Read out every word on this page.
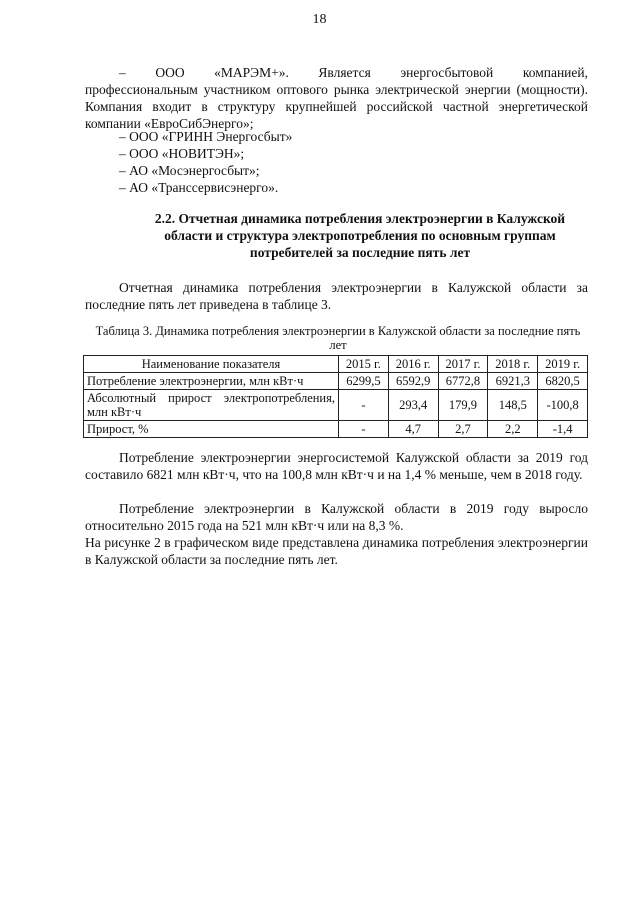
18
– ООО «МАРЭМ+». Является энергосбытовой компанией,
профессиональным участником оптового рынка электрической энергии (мощности). Компания входит в структуру крупнейшей российской частной энергетической компании «ЕвроСибЭнерго»;
– ООО «ГРИНН Энергосбыт»
– ООО «НОВИТЭН»;
– АО «Мосэнергосбыт»;
– АО «Транссервисэнерго».
2.2. Отчетная динамика потребления электроэнергии в Калужской области и структура электропотребления по основным группам потребителей за последние пять лет
Отчетная динамика потребления электроэнергии в Калужской области за последние пять лет приведена в таблице 3.
Таблица 3. Динамика потребления электроэнергии в Калужской области за последние пять лет
Наименование показателя	2015 г.	2016 г.	2017 г.	2018 г.	2019 г.
Потребление электроэнергии, млн кВт·ч	6299,5	6592,9	6772,8	6921,3	6820,5
Абсолютный прирост электропотребления, млн кВт·ч	-	293,4	179,9	148,5	-100,8
Прирост, %	-	4,7	2,7	2,2	-1,4
Потребление электроэнергии энергосистемой Калужской области за 2019 год составило 6821 млн кВт·ч, что на 100,8 млн кВт·ч и на 1,4 % меньше, чем в 2018 году.
Потребление электроэнергии в Калужской области в 2019 году выросло относительно 2015 года на 521 млн кВт·ч или на 8,3 %.
На рисунке 2 в графическом виде представлена динамика потребления электроэнергии в Калужской области за последние пять лет.
